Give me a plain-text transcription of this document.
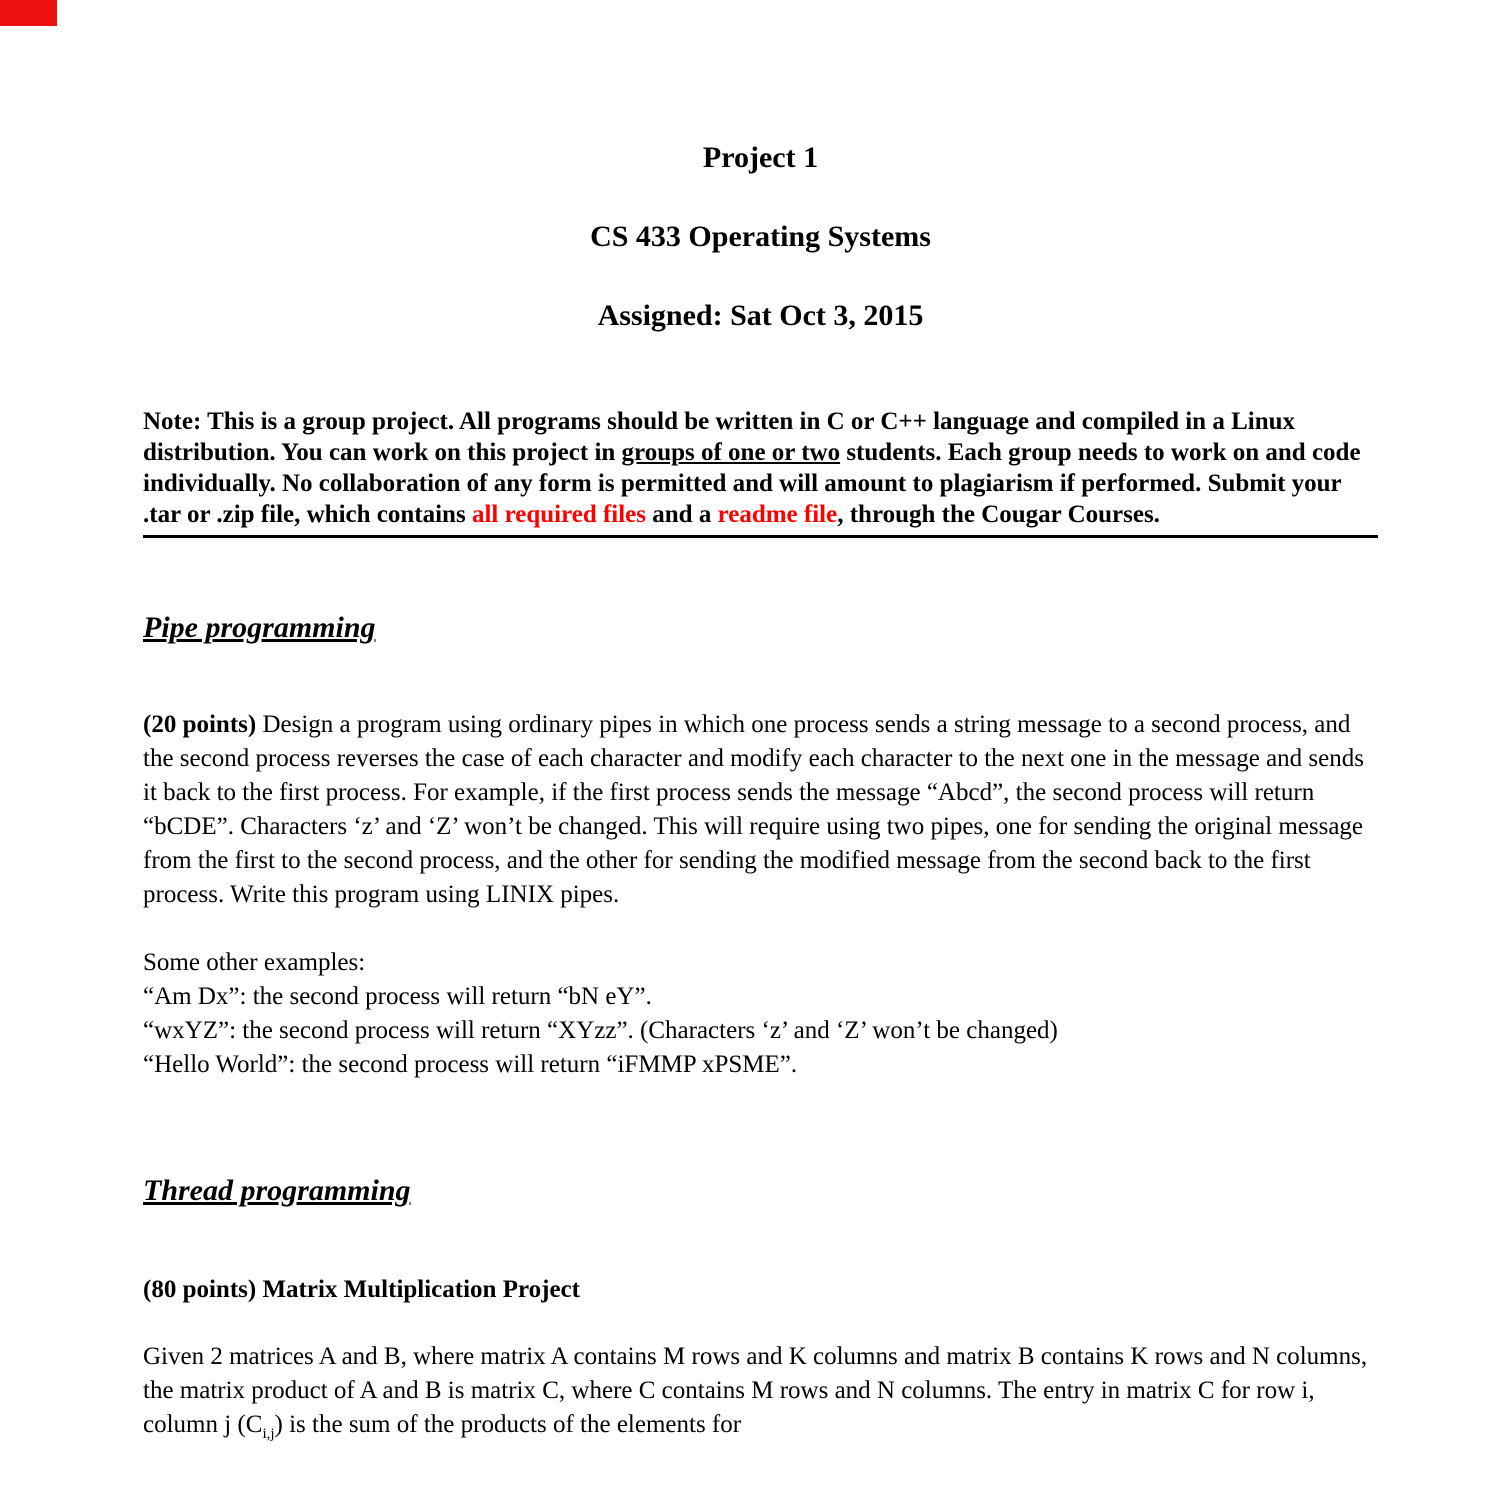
Project 1
CS 433 Operating Systems
Assigned: Sat Oct 3, 2015

Note: This is a group project. All programs should be written in C or C++ language and compiled in a Linux distribution. You can work on this project in groups of one or two students. Each group needs to work on and code individually. No collaboration of any form is permitted and will amount to plagiarism if performed. Submit your .tar or .zip file, which contains all required files and a readme file, through the Cougar Courses.

Pipe programming

(20 points) Design a program using ordinary pipes in which one process sends a string message to a second process, and the second process reverses the case of each character and modify each character to the next one in the message and sends it back to the first process. For example, if the first process sends the message “Abcd”, the second process will return “bCDE”. Characters ‘z’ and ‘Z’ won’t be changed. This will require using two pipes, one for sending the original message from the first to the second process, and the other for sending the modified message from the second back to the first process. Write this program using LINIX pipes.

Some other examples:
“Am Dx”: the second process will return “bN eY”.
“wxYZ”: the second process will return “XYzz”. (Characters ‘z’ and ‘Z’ won’t be changed)
“Hello World”: the second process will return “iFMMP xPSME”.
Thread programming

(80 points) Matrix Multiplication Project

Given 2 matrices A and B, where matrix A contains M rows and K columns and matrix B contains K rows and N columns, the matrix product of A and B is matrix C, where C contains M rows and N columns. The entry in matrix C for row i, column j $(C_{i,j})$ is the sum of the products of the elements for
